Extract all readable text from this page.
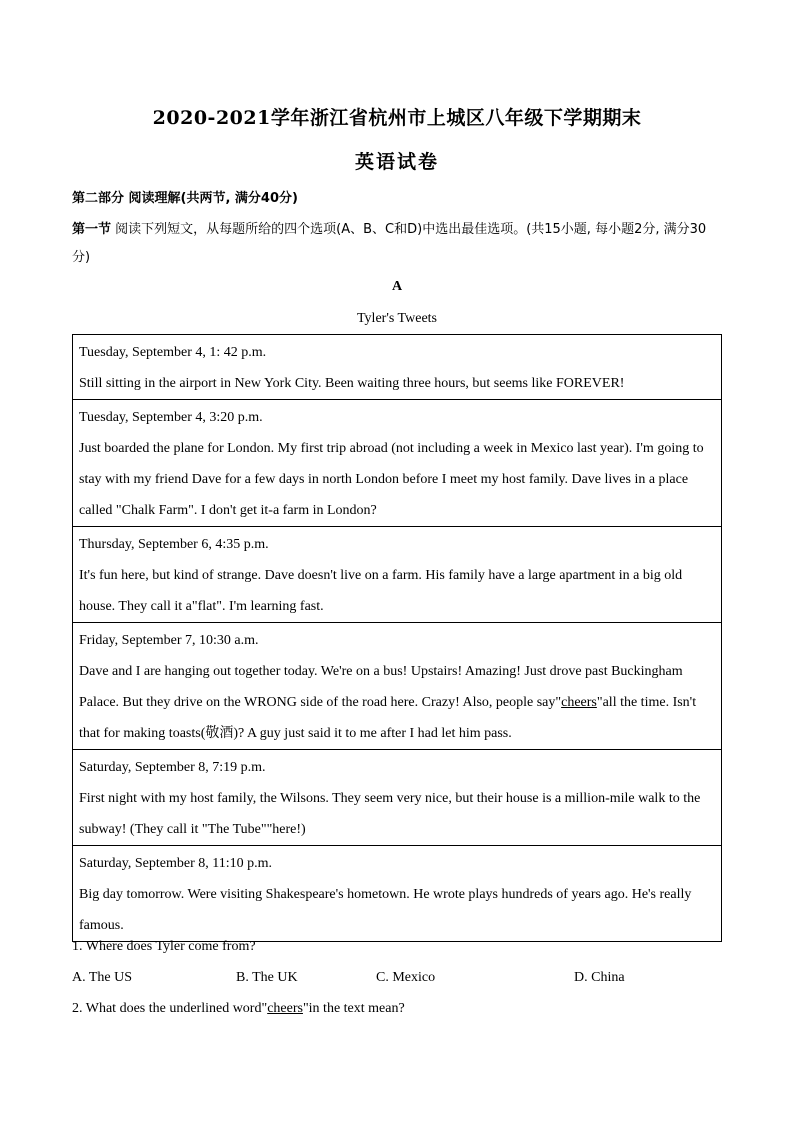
2020-2021学年浙江省杭州市上城区八年级下学期期末
英语试卷
第二部分 阅读理解(共两节, 满分40分)
第一节 阅读下列短文，从每题所给的四个选项(A、B、C和D)中选出最佳选项。(共15小题, 每小题2分, 满分30分)
A
Tyler's Tweets
Tuesday, September 4, 1: 42 p.m.
Still sitting in the airport in New York City. Been waiting three hours, but seems like FOREVER!

Tuesday, September 4, 3:20 p.m.
Just boarded the plane for London. My first trip abroad (not including a week in Mexico last year). I'm going to
stay with my friend Dave for a few days in north London before I meet my host family. Dave lives in a place
called "Chalk Farm". I don't get it-a farm in London?

Thursday, September 6, 4:35 p.m.
It's fun here, but kind of strange. Dave doesn't live on a farm. His family have a large apartment in a big old
house. They call it a"flat". I'm learning fast.

Friday, September 7, 10:30 a.m.
Dave and I are hanging out together today. We're on a bus! Upstairs! Amazing! Just drove past Buckingham
Palace. But they drive on the WRONG side of the road here. Crazy! Also, people say"cheers"all the time. Isn't
that for making toasts(敬酒)? A guy just said it to me after I had let him pass.

Saturday, September 8, 7:19 p.m.
First night with my host family, the Wilsons. They seem very nice, but their house is a million-mile walk to the
subway! (They call it "The Tube""here!)

Saturday, September 8, 11:10 p.m.
Big day tomorrow. Were visiting Shakespeare's hometown. He wrote plays hundreds of years ago. He's really
famous.
1. Where does Tyler come from?
A. The US	B. The UK	C. Mexico	D. China
2. What does the underlined word"cheers"in the text mean?
